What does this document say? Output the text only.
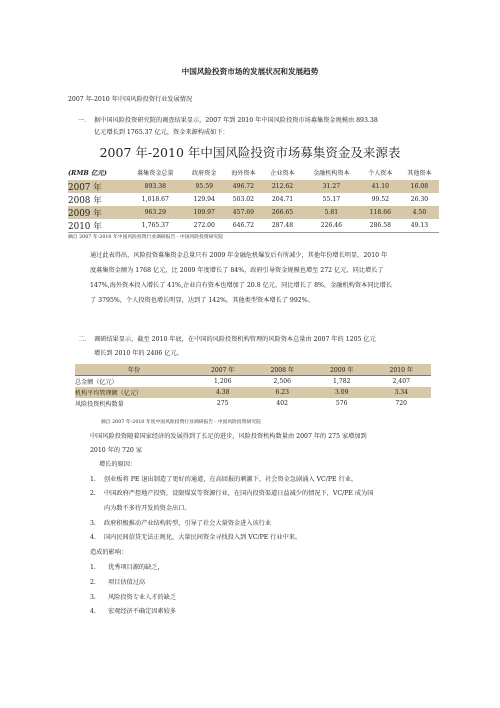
中国风险投资市场的发展状况和发展趋势
2007 年-2010 年中国风险投资行业发展情况
一． 据中国风险投资研究院的调查结果显示，2007 年到 2010 年中国风险投资市场募集资金规模由 893.38
亿元增长到 1765.37 亿元，资金来源构成如下：
2007 年-2010 年中国风险投资市场募集资金及来源表
(RMB 亿元)	募集资金总量	政府资金	海外资本	企业资本	金融机构资本	个人资本	其他资本
2007 年	893.38	95.59	496.72	212.62	31.27	41.10	16.08
2008 年	1,018.67	129.94	503.02	204.71	55.17	99.52	26.30
2009 年	963.29	109.97	457.69	266.65	5.81	118.66	4.50
2010 年	1,765.37	272.00	646.72	287.48	226.46	286.58	49.13
摘自 2007 年-2010 年中国风险投资行业调研报告 · 中国风险投资研究院
通过此表得出，风险投资募集资金总量只有 2009 年金融危机爆发后有所减少，其他年份增长明显，2010 年
度募集资金额为 1768 亿元，比 2009 年度增长了 84%，政府引导资金规模也增至 272 亿元，同比增长了
147%,海外资本投入增长了 41%,企业自有资本也增加了 20.8 亿元，同比增长了 8%，金融机构资本同比增长
了 3795%，个人投资也增长明显，达到了 142%，其他类型资本增长了 992%。
二． 调研结果显示，截至 2010 年底，在中国的风险投资机构管理的风险资本总量由 2007 年的 1205 亿元
增长到 2010 年的 2406 亿元。
年份	2007 年	2008 年	2009 年	2010 年
总金额（亿元）	1,206	2,506	1,782	2,407
机构平均管理额（亿元）	4.38	6.23	3.09	3.34
风险投资机构数量	275	402	576	720
摘自 2007 年-2010 年度中国风险投资行业调研报告 · 中国风险投资研究院
中国风险投资随着国家经济的发展得到了长足的进步，风险投资机构数量由 2007 年的 275 家增加到
2010 年的 720 家
增长的原因：
1. 创业板将 PE 退出制造了更好的通道，在高回报的刺激下，社会资金急剧涌入 VC/PE 行业。
2. 中国政府严控地产投资，设限煤炭等资源行业，在国内投资渠道日益减少的情况下，VC/PE 成为国
内为数不多待开发的资金出口。
3. 政府积极推动产业结构转型，引导了社会大量资金进入该行业
4. 国内民间信贷无法正规化，大量民间资金寻找投入到 VC/PE 行业中来。
造成的影响：
1. 优秀项目源的缺乏，
2. 项目估值过高
3. 风险投资专业人才的缺乏
4. 宏观经济不确定因素较多
